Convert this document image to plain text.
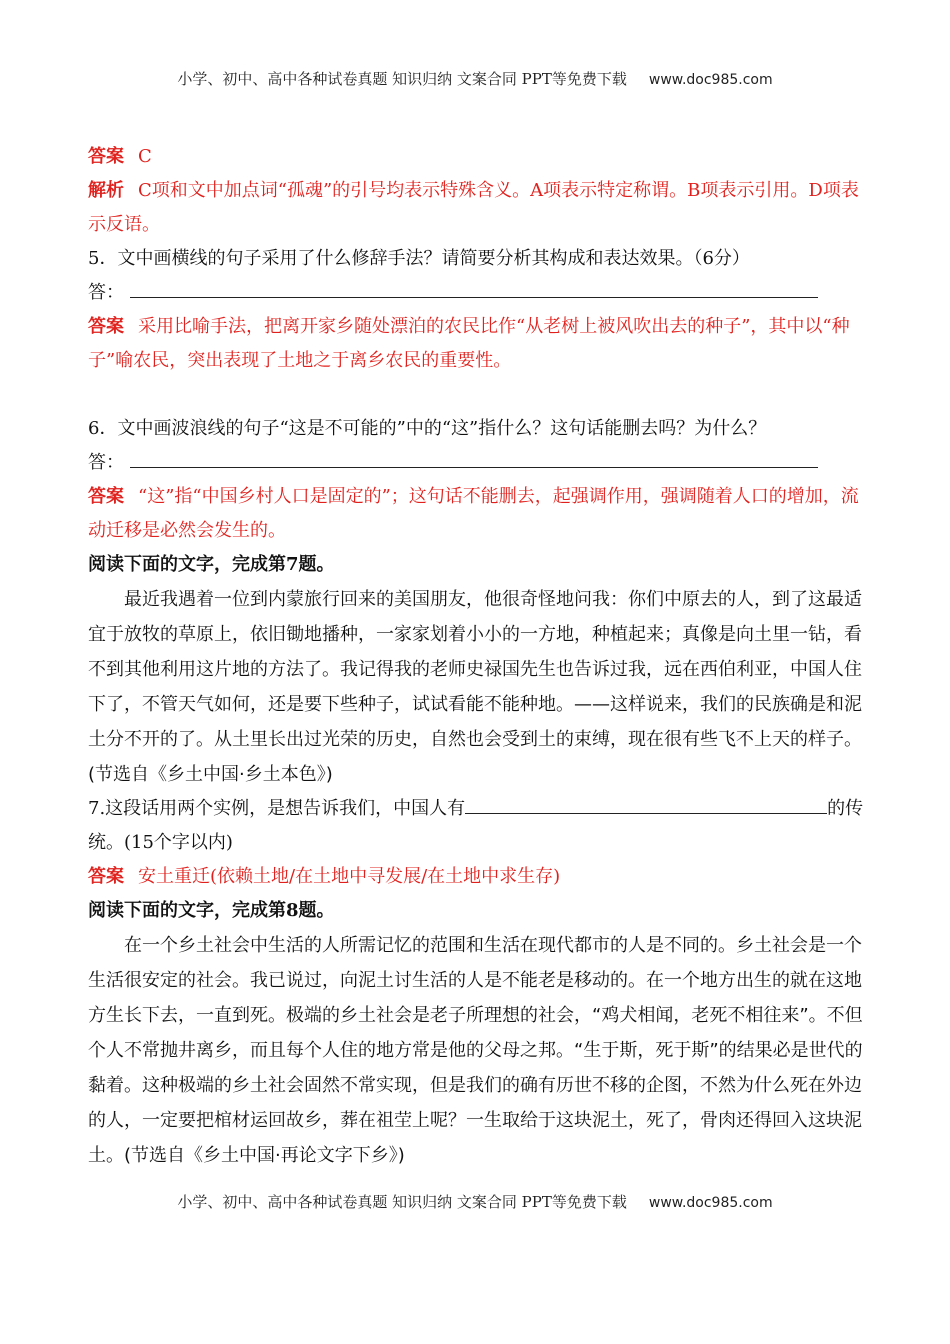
小学、初中、高中各种试卷真题 知识归纳 文案合同 PPT等免费下载 www.doc985.com

答案 C

解析 C项和文中加点词“孤魂”的引号均表示特殊含义。A项表示特定称谓。B项表示引用。D项表示反语。

5．文中画横线的句子采用了什么修辞手法？请简要分析其构成和表达效果。（6分）

答：

答案 采用比喻手法，把离开家乡随处漂泊的农民比作“从老树上被风吹出去的种子”，其中以“种子”喻农民，突出表现了土地之于离乡农民的重要性。

6．文中画波浪线的句子“这是不可能的”中的“这”指什么？这句话能删去吗？为什么？

答：

答案 “这”指“中国乡村人口是固定的”；这句话不能删去，起强调作用，强调随着人口的增加，流动迁移是必然会发生的。

阅读下面的文字，完成第7题。

最近我遇着一位到内蒙旅行回来的美国朋友，他很奇怪地问我：你们中原去的人，到了这最适宜于放牧的草原上，依旧锄地播种，一家家划着小小的一方地，种植起来；真像是向土里一钻，看不到其他利用这片地的方法了。我记得我的老师史禄国先生也告诉过我，远在西伯利亚，中国人住下了，不管天气如何，还是要下些种子，试试看能不能种地。——这样说来，我们的民族确是和泥土分不开的了。从土里长出过光荣的历史，自然也会受到土的束缚，现在很有些飞不上天的样子。(节选自《乡土中国·乡土本色》)

7.这段话用两个实例，是想告诉我们，中国人有	的传统。(15个字以内)

答案 安土重迁(依赖土地/在土地中寻发展/在土地中求生存)

阅读下面的文字，完成第8题。

在一个乡土社会中生活的人所需记忆的范围和生活在现代都市的人是不同的。乡土社会是一个生活很安定的社会。我已说过，向泥土讨生活的人是不能老是移动的。在一个地方出生的就在这地方生长下去，一直到死。极端的乡土社会是老子所理想的社会，“鸡犬相闻，老死不相往来”。不但个人不常抛井离乡，而且每个人住的地方常是他的父母之邦。“生于斯，死于斯”的结果必是世代的黏着。这种极端的乡土社会固然不常实现，但是我们的确有历世不移的企图，不然为什么死在外边的人，一定要把棺材运回故乡，葬在祖茔上呢？一生取给于这块泥土，死了，骨肉还得回入这块泥土。(节选自《乡土中国·再论文字下乡》)

小学、初中、高中各种试卷真题 知识归纳 文案合同 PPT等免费下载 www.doc985.com
